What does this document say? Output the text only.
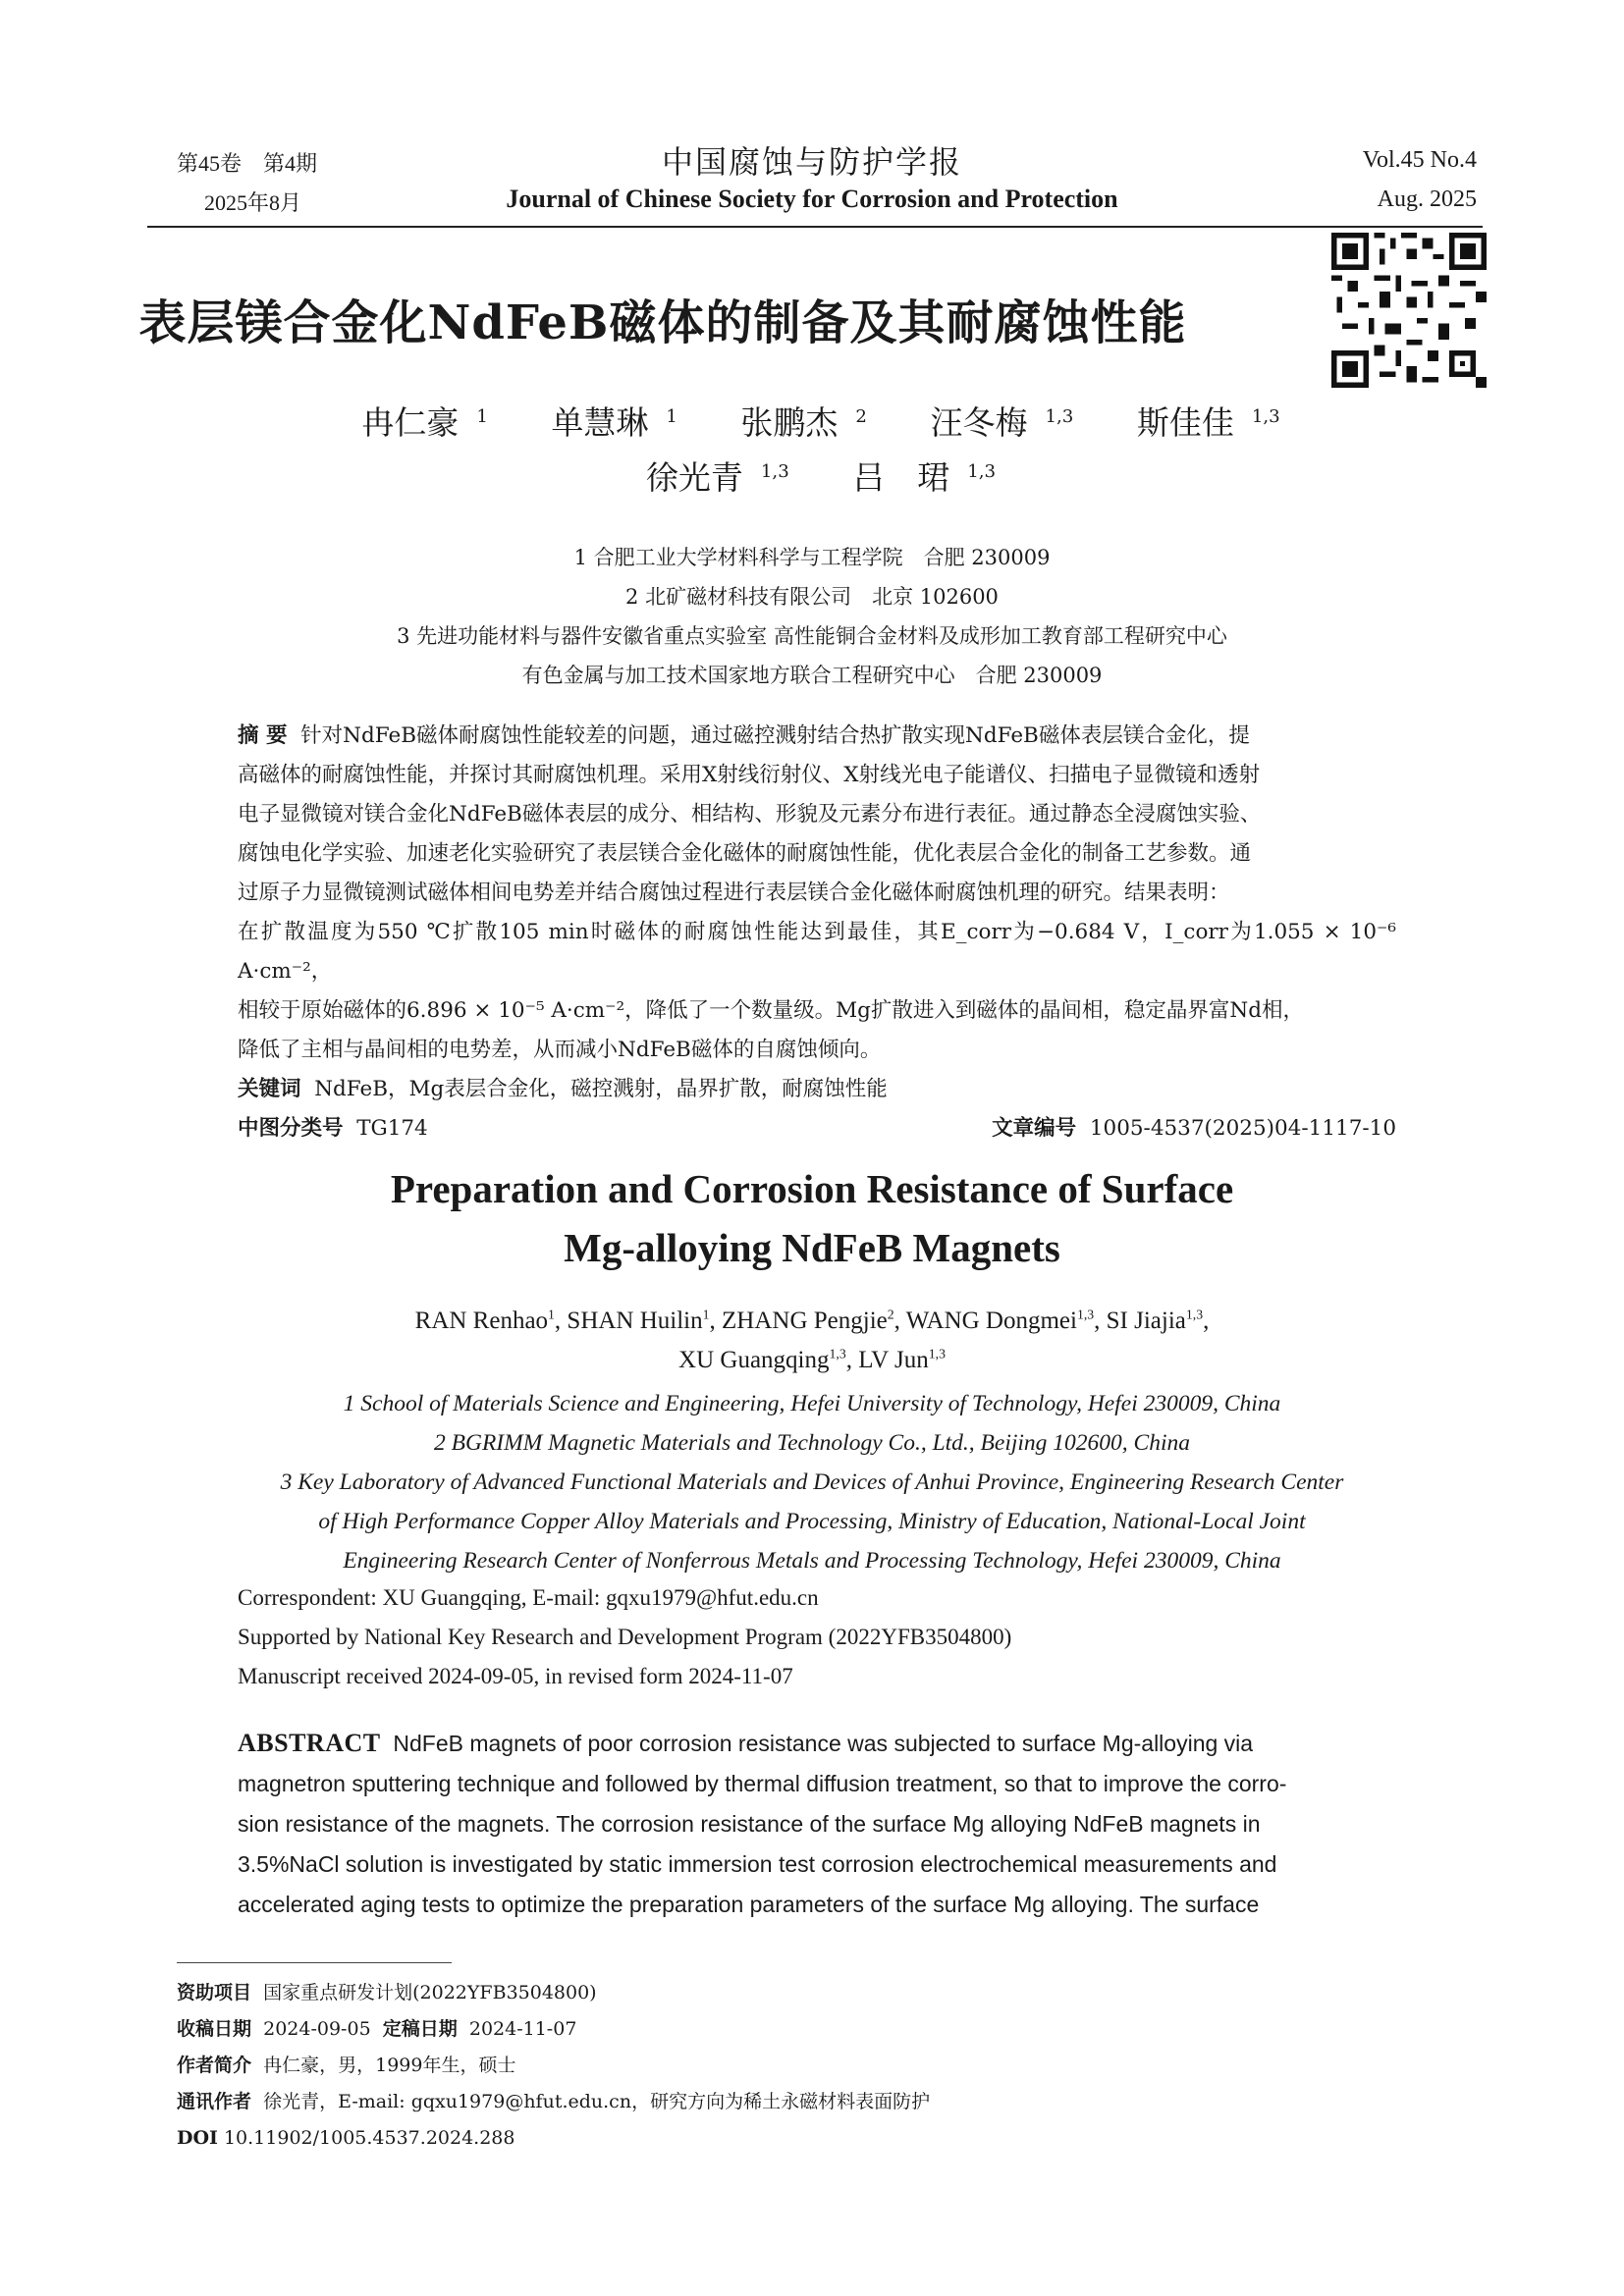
第45卷　第4期
2025年8月
中国腐蚀与防护学报
Journal of Chinese Society for Corrosion and Protection
Vol.45 No.4
Aug. 2025
表层镁合金化NdFeB磁体的制备及其耐腐蚀性能
冉仁豪 $^1$ 单慧琳 $^1$ 张鹏杰 $^2$ 汪冬梅 $^{1,3}$ 斯佳佳 $^{1,3}$
徐光青 $^{1,3}$ 吕　珺 $^{1,3}$
1 合肥工业大学材料科学与工程学院　合肥 230009
2 北矿磁材科技有限公司　北京 102600
3 先进功能材料与器件安徽省重点实验室 高性能铜合金材料及成形加工教育部工程研究中心
有色金属与加工技术国家地方联合工程研究中心　合肥 230009
摘 要 针对NdFeB磁体耐腐蚀性能较差的问题，通过磁控溅射结合热扩散实现NdFeB磁体表层镁合金化，提
高磁体的耐腐蚀性能，并探讨其耐腐蚀机理。采用X射线衍射仪、X射线光电子能谱仪、扫描电子显微镜和透射
电子显微镜对镁合金化NdFeB磁体表层的成分、相结构、形貌及元素分布进行表征。通过静态全浸腐蚀实验、
腐蚀电化学实验、加速老化实验研究了表层镁合金化磁体的耐腐蚀性能，优化表层合金化的制备工艺参数。通
过原子力显微镜测试磁体相间电势差并结合腐蚀过程进行表层镁合金化磁体耐腐蚀机理的研究。结果表明：
在扩散温度为550 ℃扩散105 min时磁体的耐腐蚀性能达到最佳，其E_corr为−0.684 V，I_corr为1.055 × 10⁻⁶ A·cm⁻²，
相较于原始磁体的6.896 × 10⁻⁵ A·cm⁻²，降低了一个数量级。Mg扩散进入到磁体的晶间相，稳定晶界富Nd相，
降低了主相与晶间相的电势差，从而减小NdFeB磁体的自腐蚀倾向。
关键词 NdFeB，Mg表层合金化，磁控溅射，晶界扩散，耐腐蚀性能
中图分类号 TG174	文章编号 1005-4537(2025)04-1117-10
Preparation and Corrosion Resistance of Surface
Mg-alloying NdFeB Magnets
RAN Renhao$^1$, SHAN Huilin$^1$, ZHANG Pengjie$^2$, WANG Dongmei$^{1,3}$, SI Jiajia$^{1,3}$,
XU Guangqing$^{1,3}$, LV Jun$^{1,3}$
1 School of Materials Science and Engineering, Hefei University of Technology, Hefei 230009, China
2 BGRIMM Magnetic Materials and Technology Co., Ltd., Beijing 102600, China
3 Key Laboratory of Advanced Functional Materials and Devices of Anhui Province, Engineering Research Center
of High Performance Copper Alloy Materials and Processing, Ministry of Education, National-Local Joint
Engineering Research Center of Nonferrous Metals and Processing Technology, Hefei 230009, China
Correspondent: XU Guangqing, E-mail: gqxu1979@hfut.edu.cn
Supported by National Key Research and Development Program (2022YFB3504800)
Manuscript received 2024-09-05, in revised form 2024-11-07
ABSTRACT NdFeB magnets of poor corrosion resistance was subjected to surface Mg-alloying via
magnetron sputtering technique and followed by thermal diffusion treatment, so that to improve the corro-
sion resistance of the magnets. The corrosion resistance of the surface Mg alloying NdFeB magnets in
3.5%NaCl solution is investigated by static immersion test corrosion electrochemical measurements and
accelerated aging tests to optimize the preparation parameters of the surface Mg alloying. The surface
资助项目 国家重点研发计划(2022YFB3504800)
收稿日期 2024-09-05 定稿日期 2024-11-07
作者简介 冉仁豪，男，1999年生，硕士
通讯作者 徐光青，E-mail: gqxu1979@hfut.edu.cn，研究方向为稀土永磁材料表面防护
DOI 10.11902/1005.4537.2024.288
